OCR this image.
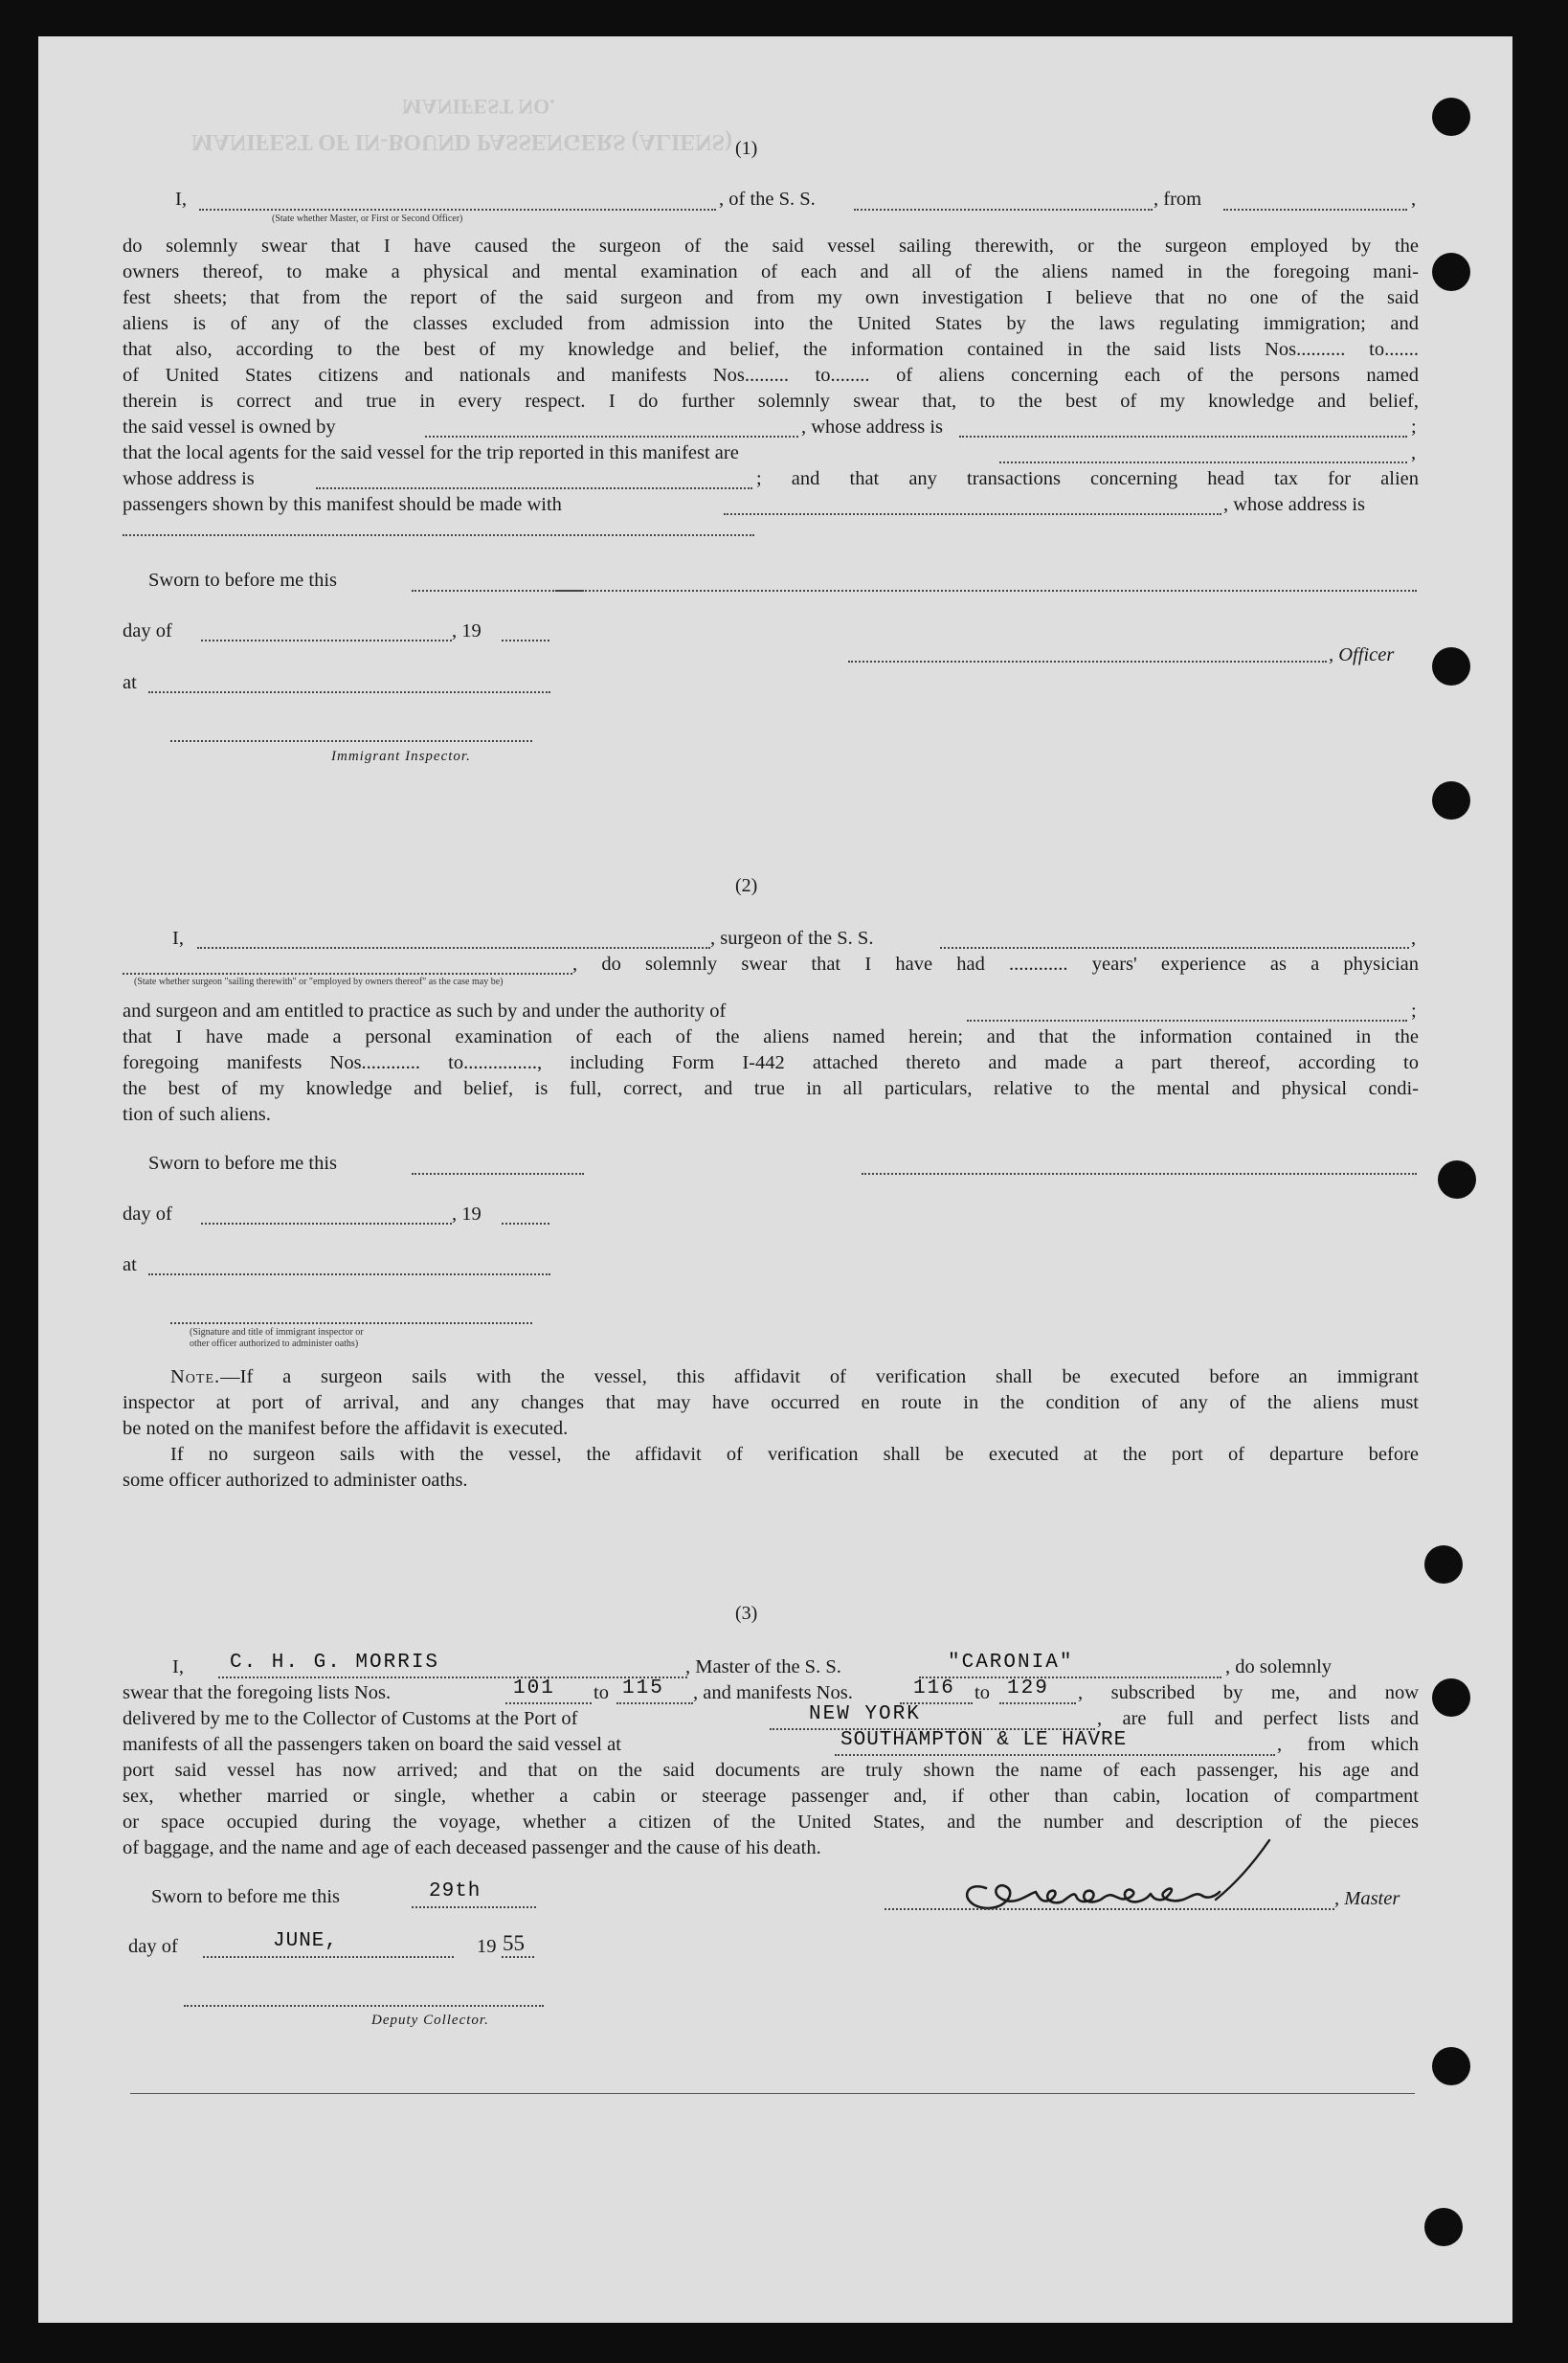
MANIFEST NO.
MANIFEST OF IN-BOUND PASSENGERS (ALIENS) (1)
I,	, of the S. S.	, from	,
(State whether Master, or First or Second Officer)
do solemnly swear that I have caused the surgeon of the said vessel sailing therewith, or the surgeon employed by the
owners thereof, to make a physical and mental examination of each and all of the aliens named in the foregoing mani-
fest sheets; that from the report of the said surgeon and from my own investigation I believe that no one of the said
aliens is of any of the classes excluded from admission into the United States by the laws regulating immigration; and
that also, according to the best of my knowledge and belief, the information contained in the said lists Nos.......... to.......
of United States citizens and nationals and manifests Nos......... to........ of aliens concerning each of the persons named
therein is correct and true in every respect. I do further solemnly swear that, to the best of my knowledge and belief,
the said vessel is owned by	, whose address is	;
that the local agents for the said vessel for the trip reported in this manifest are	,
whose address is	; and that any transactions concerning head tax for alien
passengers shown by this manifest should be made with	, whose address is
Sworn to before me this
day of	, 19
, Officer
at
Immigrant Inspector.
(2)
I,	, surgeon of the S. S.	,
, do solemnly swear that I have had ............ years' experience as a physician
(State whether surgeon "sailing therewith" or "employed by owners thereof" as the case may be)
and surgeon and am entitled to practice as such by and under the authority of	;
that I have made a personal examination of each of the aliens named herein; and that the information contained in the
foregoing manifests Nos............ to..............., including Form I-442 attached thereto and made a part thereof, according to
the best of my knowledge and belief, is full, correct, and true in all particulars, relative to the mental and physical condi-
tion of such aliens.
Sworn to before me this
day of	, 19
at
(Signature and title of immigrant inspector or
other officer authorized to administer oaths)
Note.—If a surgeon sails with the vessel, this affidavit of verification shall be executed before an immigrant
inspector at port of arrival, and any changes that may have occurred en route in the condition of any of the aliens must
be noted on the manifest before the affidavit is executed.
If no surgeon sails with the vessel, the affidavit of verification shall be executed at the port of departure before
some officer authorized to administer oaths.
(3)
I, C. H. G. MORRIS	, Master of the S. S.	"CARONIA"	, do solemnly
swear that the foregoing lists Nos.	101 to 115 , and manifests Nos.	116 to 129 , subscribed by me, and now
delivered by me to the Collector of Customs at the Port of	NEW YORK	, are full and perfect lists and
manifests of all the passengers taken on board the said vessel at	SOUTHAMPTON & LE HAVRE	, from which
port said vessel has now arrived; and that on the said documents are truly shown the name of each passenger, his age and
sex, whether married or single, whether a cabin or steerage passenger and, if other than cabin, location of compartment
or space occupied during the voyage, whether a citizen of the United States, and the number and description of the pieces
of baggage, and the name and age of each deceased passenger and the cause of his death.
Sworn to before me this	29th	, Master
day of	JUNE,	19 55
Deputy Collector.
